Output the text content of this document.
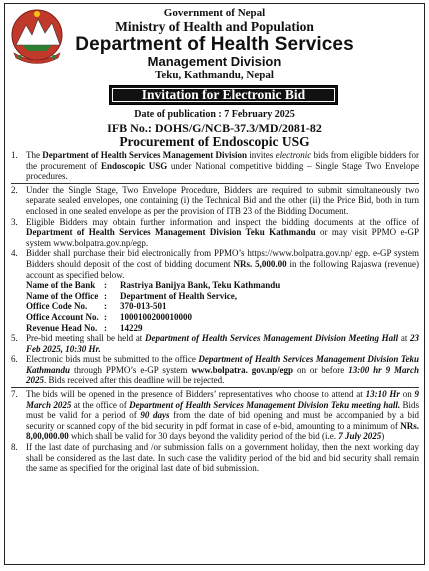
Government of Nepal
Ministry of Health and Population
Department of Health Services
Management Division
Teku, Kathmandu, Nepal
Invitation for Electronic Bid
Date of publication : 7 February 2025
IFB No.: DOHS/G/NCB-37.3/MD/2081-82
Procurement of Endoscopic USG

1. The Department of Health Services Management Division invites electronic bids from eligible bidders for the procurement of Endoscopic USG under National competitive bidding – Single Stage Two Envelope procedures.

2. Under the Single Stage, Two Envelope Procedure, Bidders are required to submit simultaneously two separate sealed envelopes, one containing (i) the Technical Bid and the other (ii) the Price Bid, both in turn enclosed in one sealed envelope as per the provision of ITB 23 of the Bidding Document.

3. Eligible Bidders may obtain further information and inspect the bidding documents at the office of Department of Health Services Management Division Teku Kathmandu or may visit PPMO e-GP system www.bolpatra.gov.np/egp.

4. Bidder shall purchase their bid electronically from PPMO’s https://www.bolpatra.gov.np/ egp. e-GP system Bidders should deposit of the cost of bidding document NRs. 5,000.00 in the following Rajaswa (revenue) account as specified below.

Name of the Bank :	Rastriya Banijya Bank, Teku Kathmandu
Name of the Office :	Department of Health Service,
Office Code No.	:	370-013-501
Office Account No. :	1000100200010000
Revenue Head No. :	14229

5. Pre-bid meeting shall be held at Department of Health Services Management Division Meeting Hall at 23 Feb 2025, 10:30 Hr.

6. Electronic bids must be submitted to the office Department of Health Services Management Division Teku Kathmandu through PPMO’s e-GP system www.bolpatra. gov.np/egp on or before 13:00 hr 9 March 2025. Bids received after this deadline will be rejected.

7. The bids will be opened in the presence of Bidders’ representatives who choose to attend at 13:10 Hr on 9 March 2025 at the office of Department of Health Services Management Division Teku meeting hall. Bids must be valid for a period of 90 days from the date of bid opening and must be accompanied by a bid security or scanned copy of the bid security in pdf format in case of e-bid, amounting to a minimum of NRs. 8,00,000.00 which shall be valid for 30 days beyond the validity period of the bid (i.e. 7 July 2025)

8. If the last date of purchasing and /or submission falls on a government holiday, then the next working day shall be considered as the last date. In such case the validity period of the bid and bid security shall remain the same as specified for the original last date of bid submission.
